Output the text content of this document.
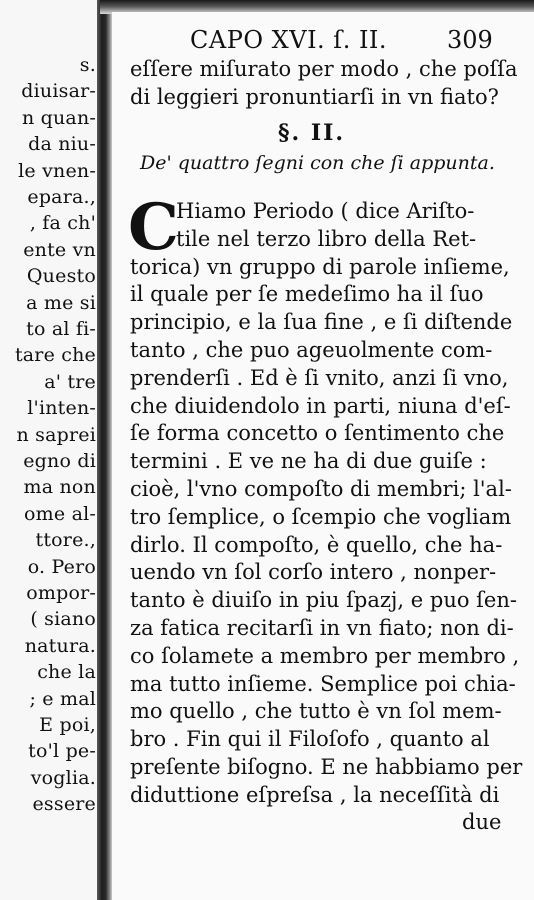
s.
diuisar-
n quan-
da niu-
le vnen-
epara.,
, fa ch'
ente vn
Questo
a me si
to al fi-
tare che
a' tre
l'inten-
n saprei
egno di
ma non
ome al-
ttore.,
o. Pero
ompor-
( siano
natura.
che la
; e mal
E poi,
to'l pe-
voglia.
essere
CAPO XVI. ſ. II. 309
eſſere miſurato per modo , che poſſa
di leggieri pronuntiarſi in vn fiato?
§. II.
De' quattro ſegni con che ſi appunta.
C
Hiamo Periodo ( dice Ariſto-
tile nel terzo libro della Ret-
torica) vn gruppo di parole inſieme,
il quale per ſe medeſimo ha il ſuo
principio, e la ſua fine , e ſi diſtende
tanto , che puo ageuolmente com-
prenderſi . Ed è ſi vnito, anzi ſi vno,
che diuidendolo in parti, niuna d'eſ-
ſe forma concetto o ſentimento che
termini . E ve ne ha di due guiſe :
cioè, l'vno compoſto di membri; l'al-
tro ſemplice, o ſcempio che vogliam
dirlo. Il compoſto, è quello, che ha-
uendo vn ſol corſo intero , nonper-
tanto è diuiſo in piu ſpazj, e puo ſen-
za fatica recitarſi in vn fiato; non di-
co ſolamete a membro per membro ,
ma tutto inſieme. Semplice poi chia-
mo quello , che tutto è vn ſol mem-
bro . Fin qui il Filoſofo , quanto al
preſente biſogno. E ne habbiamo per
diduttione eſpreſsa , la neceſſità di
due
